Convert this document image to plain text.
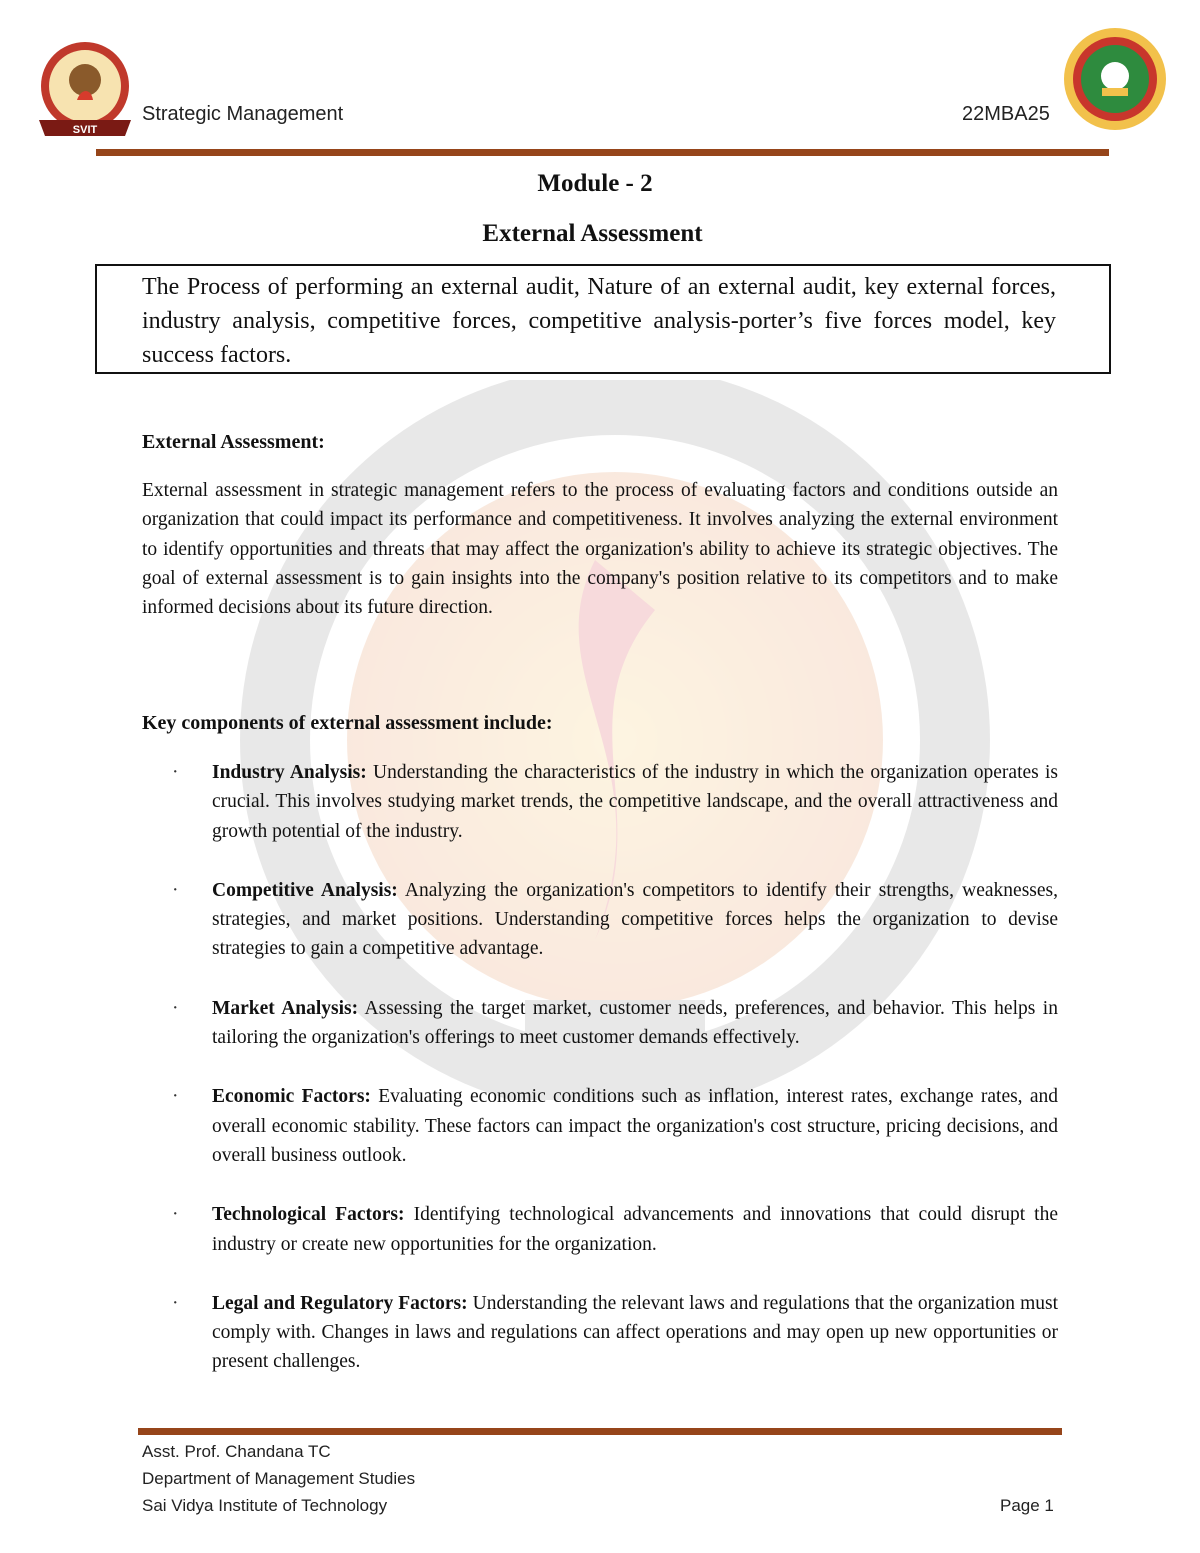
SVIT
Strategic Management	22MBA25
Module - 2
External Assessment
The Process of performing an external audit, Nature of an external audit, key external forces, industry analysis, competitive forces, competitive analysis-porter’s five forces model, key success factors.
External Assessment:

External assessment in strategic management refers to the process of evaluating factors and conditions outside an organization that could impact its performance and competitiveness. It involves analyzing the external environment to identify opportunities and threats that may affect the organization's ability to achieve its strategic objectives. The goal of external assessment is to gain insights into the company's position relative to its competitors and to make informed decisions about its future direction.

Key components of external assessment include:
· Industry Analysis: Understanding the characteristics of the industry in which the organization operates is crucial. This involves studying market trends, the competitive landscape, and the overall attractiveness and growth potential of the industry.
· Competitive Analysis: Analyzing the organization's competitors to identify their strengths, weaknesses, strategies, and market positions. Understanding competitive forces helps the organization to devise strategies to gain a competitive advantage.
· Market Analysis: Assessing the target market, customer needs, preferences, and behavior. This helps in tailoring the organization's offerings to meet customer demands effectively.
· Economic Factors: Evaluating economic conditions such as inflation, interest rates, exchange rates, and overall economic stability. These factors can impact the organization's cost structure, pricing decisions, and overall business outlook.
· Technological Factors: Identifying technological advancements and innovations that could disrupt the industry or create new opportunities for the organization.
· Legal and Regulatory Factors: Understanding the relevant laws and regulations that the organization must comply with. Changes in laws and regulations can affect operations and may open up new opportunities or present challenges.
Asst. Prof. Chandana TC
Department of Management Studies
Sai Vidya Institute of Technology	Page 1
